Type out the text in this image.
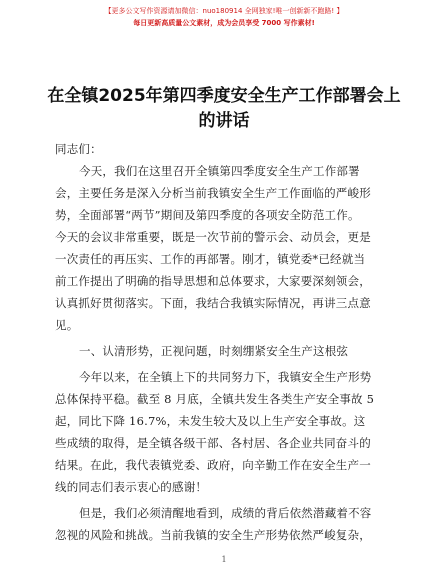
【更多公文写作资源请加微信：nuo180914 全网独家!唯一创新新不跑路! 】
每日更新高质量公文素材，成为会员享受 7000 写作素材!
在全镇2025年第四季度安全生产工作部署会上
的讲话
同志们：
今天，我们在这里召开全镇第四季度安全生产工作部署
会，主要任务是深入分析当前我镇安全生产工作面临的严峻形
势，全面部署“两节”期间及第四季度的各项安全防范工作。
今天的会议非常重要，既是一次节前的警示会、动员会，更是
一次责任的再压实、工作的再部署。刚才，镇党委*已经就当
前工作提出了明确的指导思想和总体要求，大家要深刻领会，
认真抓好贯彻落实。下面，我结合我镇实际情况，再讲三点意
见。
一、认清形势，正视问题，时刻绷紧安全生产这根弦
今年以来，在全镇上下的共同努力下，我镇安全生产形势
总体保持平稳。截至 8 月底，全镇共发生各类生产安全事故 5
起，同比下降 16.7%，未发生较大及以上生产安全事故。这
些成绩的取得，是全镇各级干部、各村居、各企业共同奋斗的
结果。在此，我代表镇党委、政府，向辛勤工作在安全生产一
线的同志们表示衷心的感谢！
但是，我们必须清醒地看到，成绩的背后依然潜藏着不容
忽视的风险和挑战。当前我镇的安全生产形势依然严峻复杂，
1
